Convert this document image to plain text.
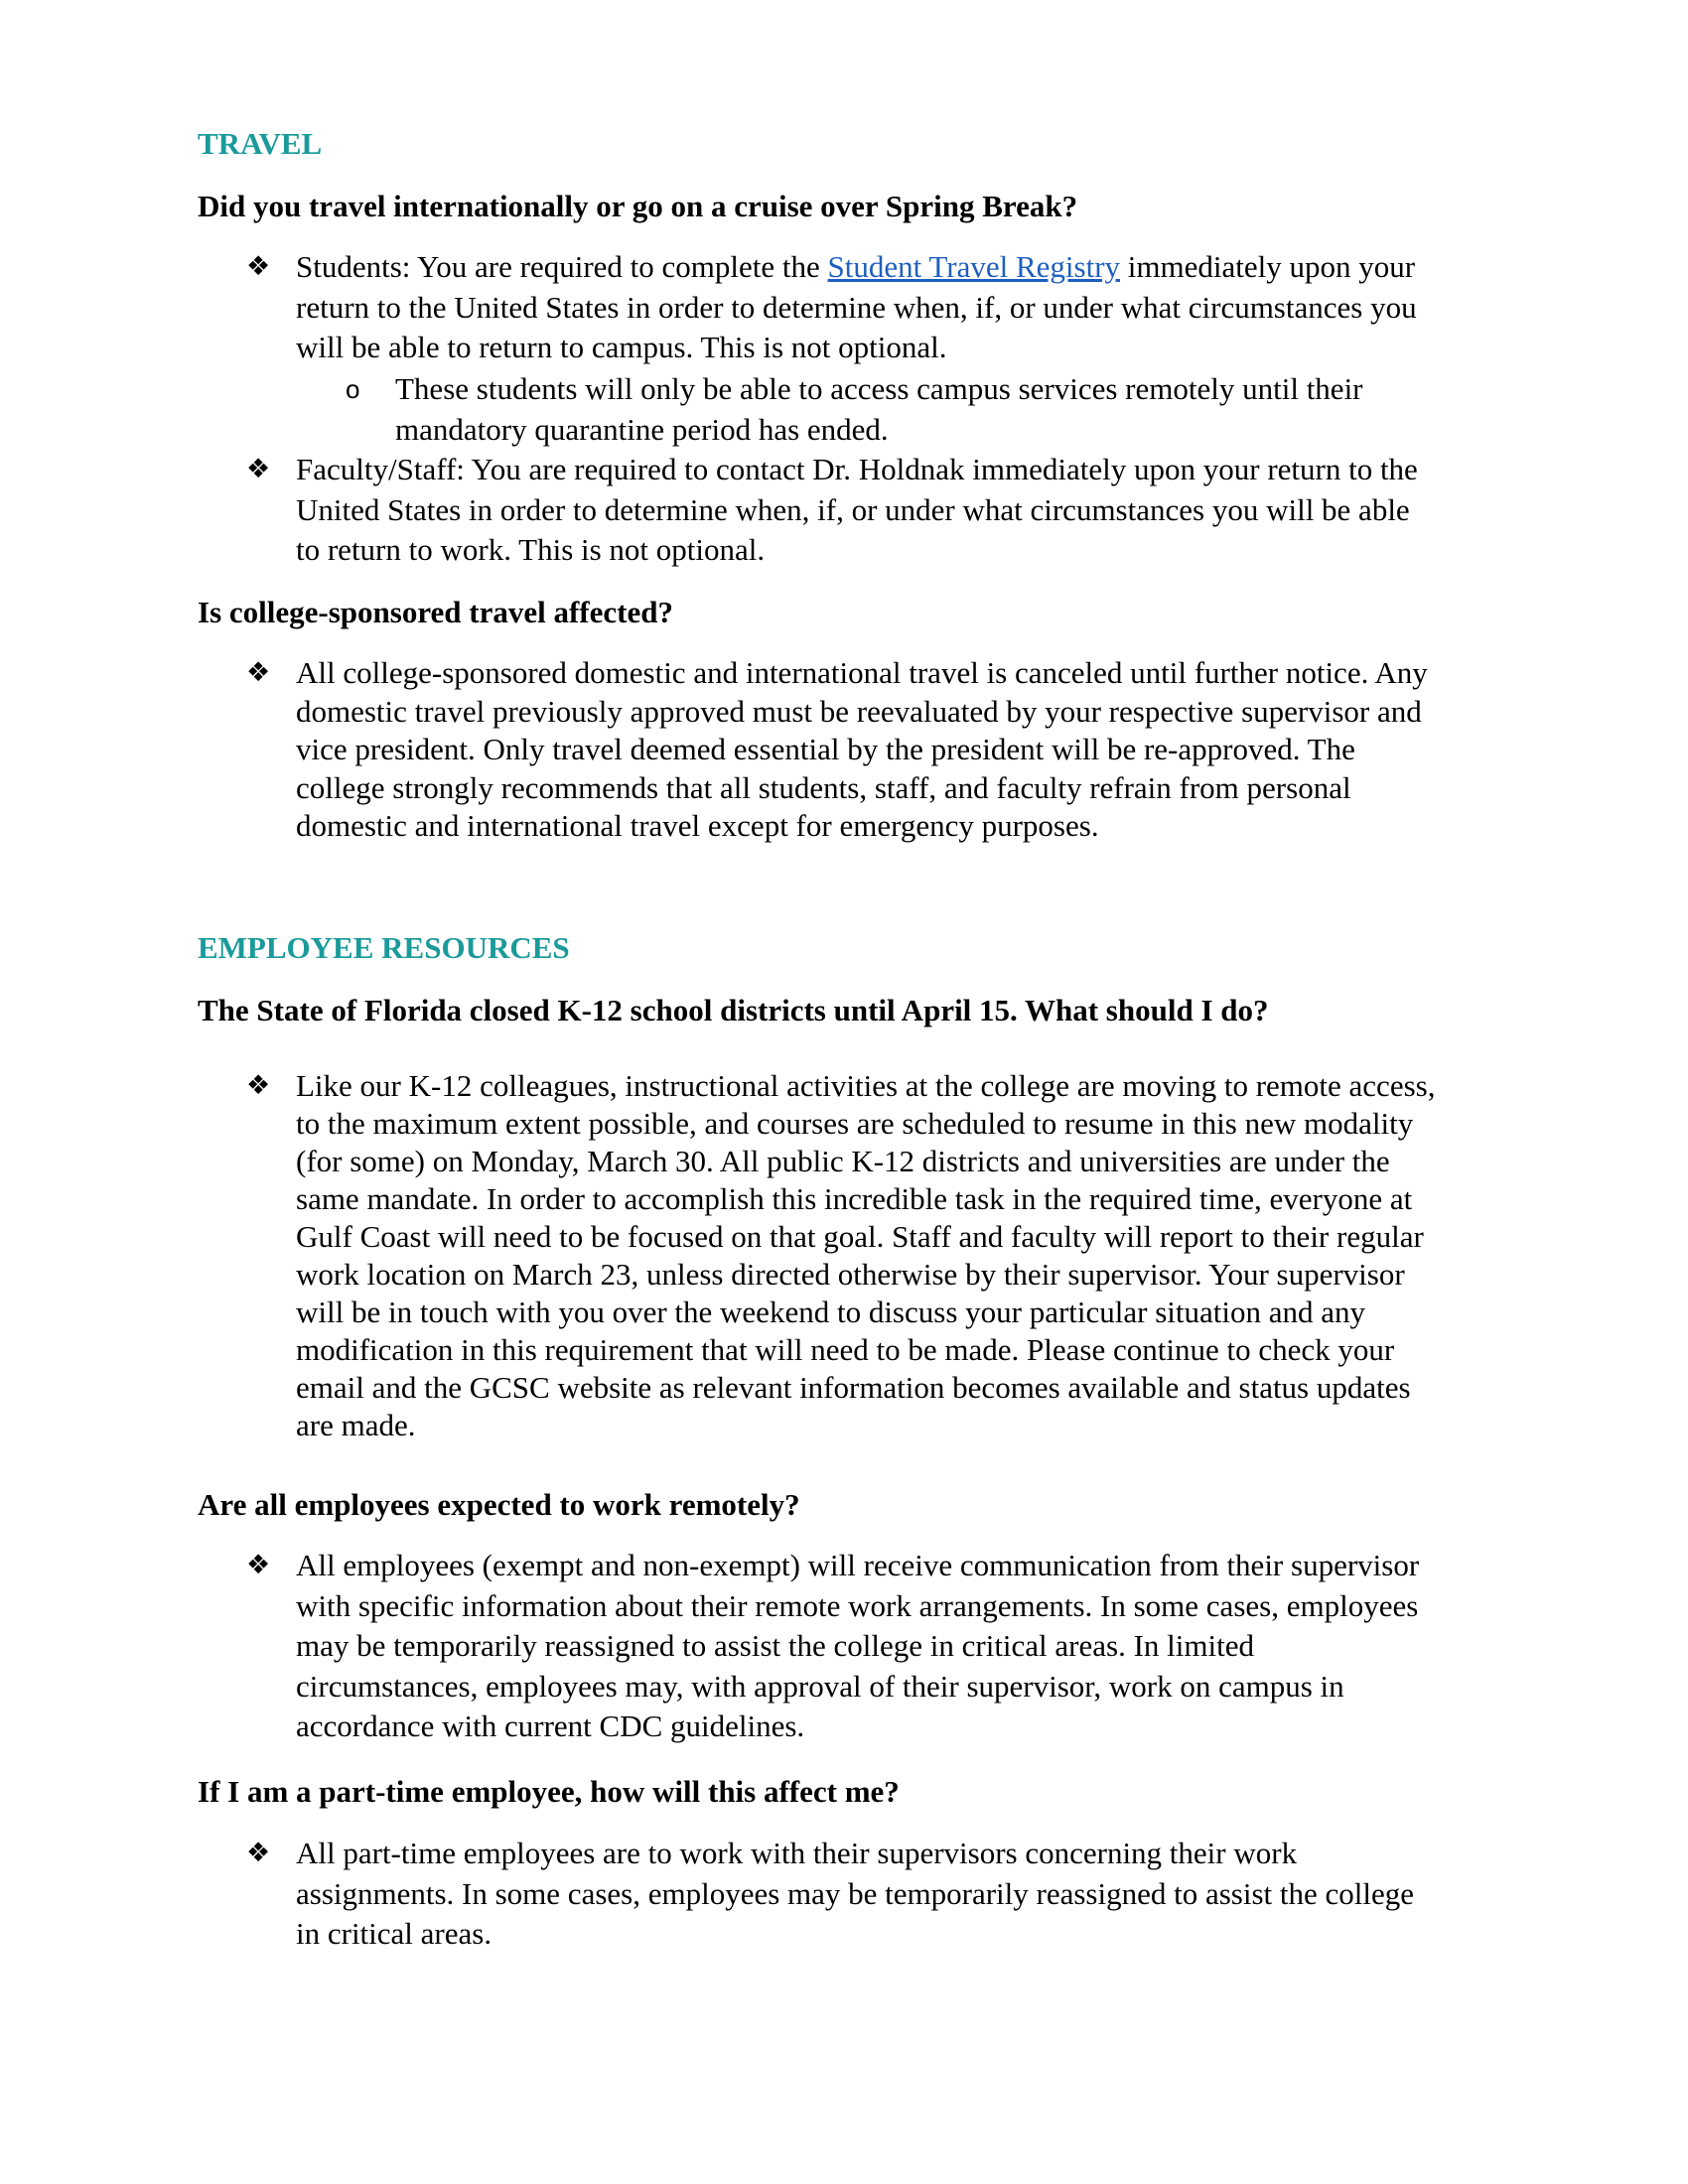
TRAVEL
Did you travel internationally or go on a cruise over Spring Break?
❖ Students: You are required to complete the Student Travel Registry immediately upon your

return to the United States in order to determine when, if, or under what circumstances you

will be able to return to campus. This is not optional.

o These students will only be able to access campus services remotely until their

mandatory quarantine period has ended.

❖ Faculty/Staff: You are required to contact Dr. Holdnak immediately upon your return to the

United States in order to determine when, if, or under what circumstances you will be able

to return to work. This is not optional.

Is college-sponsored travel affected?
❖ All college-sponsored domestic and international travel is canceled until further notice. Any

domestic travel previously approved must be reevaluated by your respective supervisor and

vice president. Only travel deemed essential by the president will be re-approved. The

college strongly recommends that all students, staff, and faculty refrain from personal

domestic and international travel except for emergency purposes.

EMPLOYEE RESOURCES
The State of Florida closed K-12 school districts until April 15. What should I do?
❖ Like our K-12 colleagues, instructional activities at the college are moving to remote access,

to the maximum extent possible, and courses are scheduled to resume in this new modality

(for some) on Monday, March 30. All public K-12 districts and universities are under the

same mandate. In order to accomplish this incredible task in the required time, everyone at

Gulf Coast will need to be focused on that goal. Staff and faculty will report to their regular

work location on March 23, unless directed otherwise by their supervisor. Your supervisor

will be in touch with you over the weekend to discuss your particular situation and any

modification in this requirement that will need to be made. Please continue to check your

email and the GCSC website as relevant information becomes available and status updates

are made.

Are all employees expected to work remotely?
❖ All employees (exempt and non-exempt) will receive communication from their supervisor

with specific information about their remote work arrangements. In some cases, employees

may be temporarily reassigned to assist the college in critical areas. In limited

circumstances, employees may, with approval of their supervisor, work on campus in

accordance with current CDC guidelines.

If I am a part-time employee, how will this affect me?
❖ All part-time employees are to work with their supervisors concerning their work

assignments. In some cases, employees may be temporarily reassigned to assist the college

in critical areas.
